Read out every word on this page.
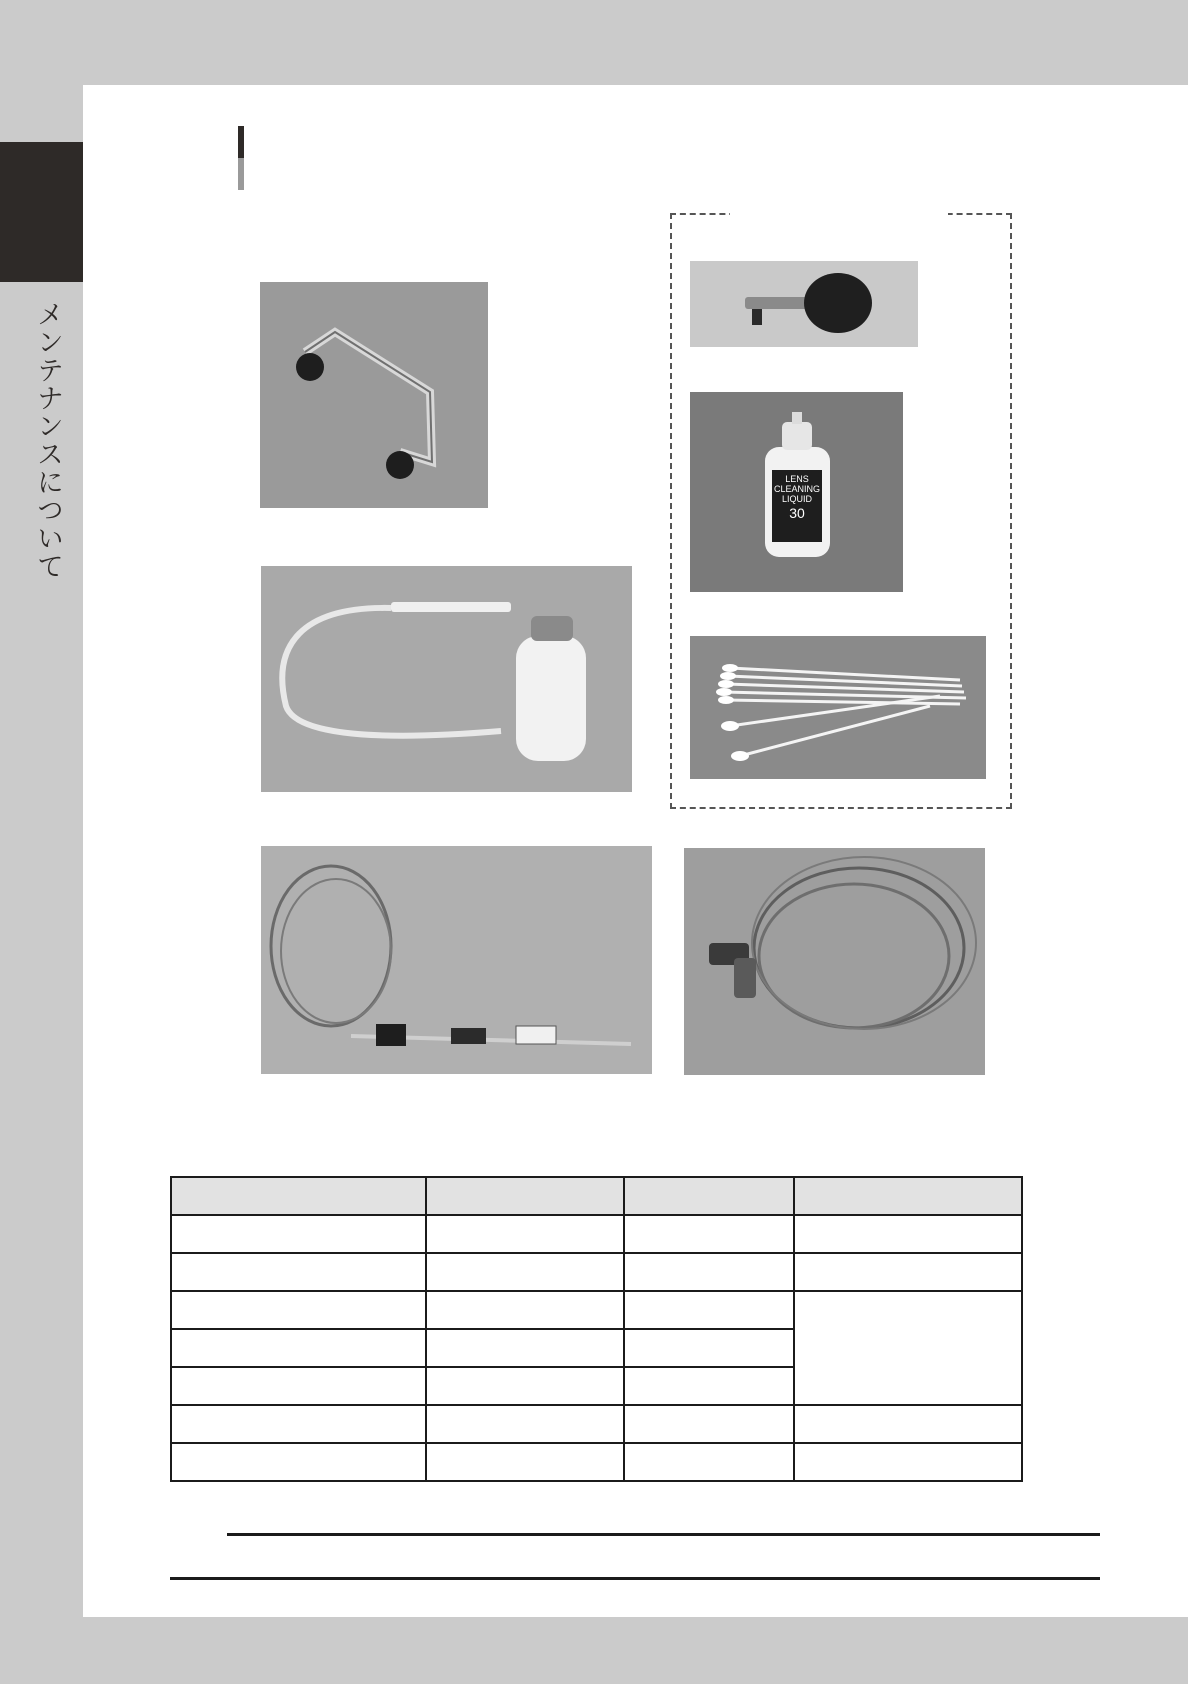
メンテナンスについて	LENS
CLEANING
LIQUID
30
